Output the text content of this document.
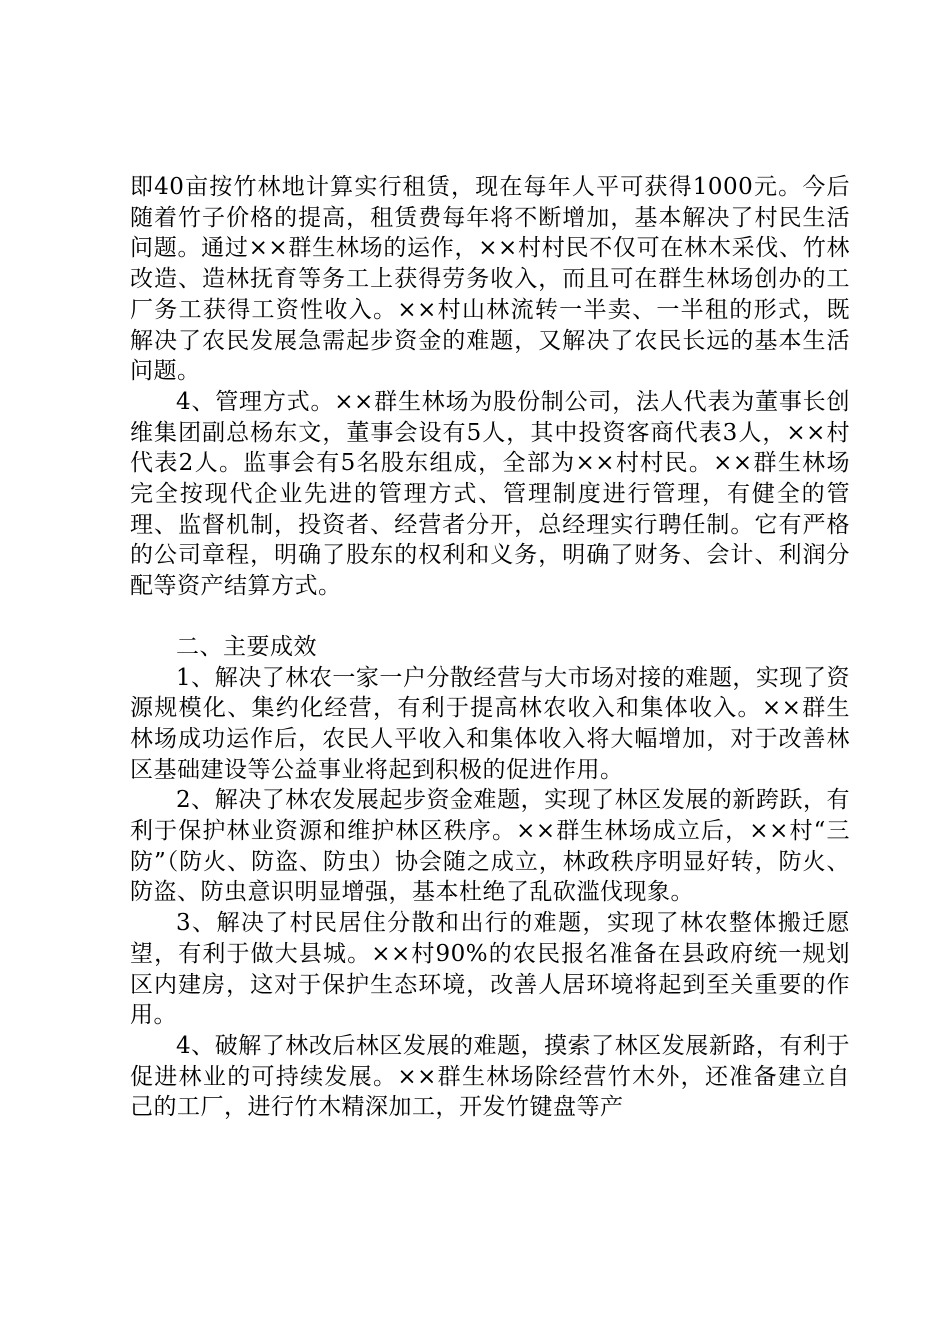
即40亩按竹林地计算实行租赁，现在每年人平可获得1000元。今后随着竹子价格的提高，租赁费每年将不断增加，基本解决了村民生活问题。通过××群生林场的运作，××村村民不仅可在林木采伐、竹林改造、造林抚育等务工上获得劳务收入，而且可在群生林场创办的工厂务工获得工资性收入。××村山林流转一半卖、一半租的形式，既解决了农民发展急需起步资金的难题，又解决了农民长远的基本生活问题。

4、管理方式。××群生林场为股份制公司，法人代表为董事长创维集团副总杨东文，董事会设有5人，其中投资客商代表3人，××村代表2人。监事会有5名股东组成，全部为××村村民。××群生林场完全按现代企业先进的管理方式、管理制度进行管理，有健全的管理、监督机制，投资者、经营者分开，总经理实行聘任制。它有严格的公司章程，明确了股东的权利和义务，明确了财务、会计、利润分配等资产结算方式。

二、主要成效

1、解决了林农一家一户分散经营与大市场对接的难题，实现了资源规模化、集约化经营，有利于提高林农收入和集体收入。××群生林场成功运作后，农民人平收入和集体收入将大幅增加，对于改善林区基础建设等公益事业将起到积极的促进作用。

2、解决了林农发展起步资金难题，实现了林区发展的新跨跃，有利于保护林业资源和维护林区秩序。××群生林场成立后，××村“三防”（防火、防盗、防虫）协会随之成立，林政秩序明显好转，防火、防盗、防虫意识明显增强，基本杜绝了乱砍滥伐现象。

3、解决了村民居住分散和出行的难题，实现了林农整体搬迁愿望，有利于做大县城。××村90%的农民报名准备在县政府统一规划区内建房，这对于保护生态环境，改善人居环境将起到至关重要的作用。

4、破解了林改后林区发展的难题，摸索了林区发展新路，有利于促进林业的可持续发展。××群生林场除经营竹木外，还准备建立自己的工厂，进行竹木精深加工，开发竹键盘等产
